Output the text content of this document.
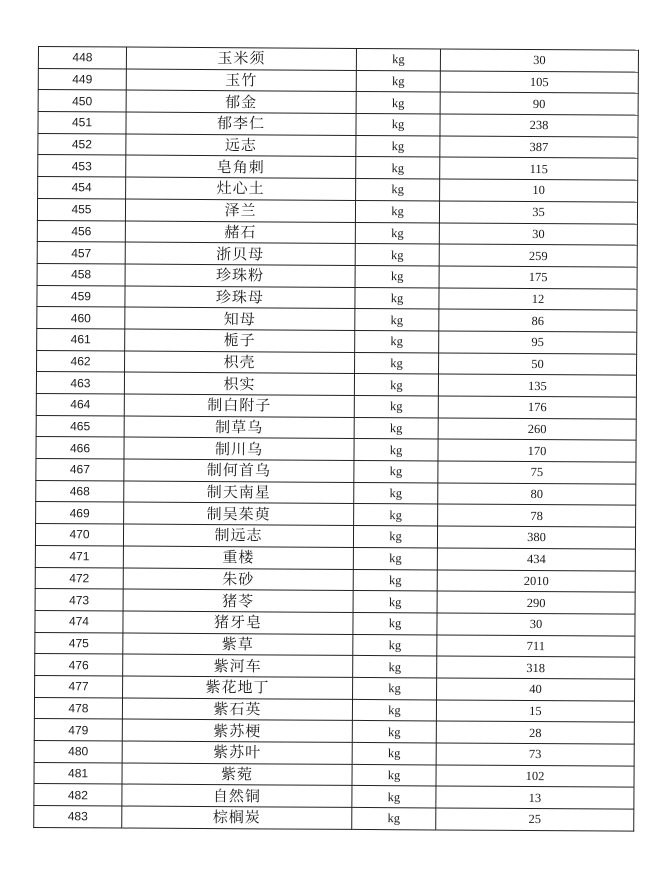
448	玉米须	kg	30
449	玉竹	kg	105
450	郁金	kg	90
451	郁李仁	kg	238
452	远志	kg	387
453	皂角刺	kg	115
454	灶心土	kg	10
455	泽兰	kg	35
456	赭石	kg	30
457	浙贝母	kg	259
458	珍珠粉	kg	175
459	珍珠母	kg	12
460	知母	kg	86
461	栀子	kg	95
462	枳壳	kg	50
463	枳实	kg	135
464	制白附子	kg	176
465	制草乌	kg	260
466	制川乌	kg	170
467	制何首乌	kg	75
468	制天南星	kg	80
469	制吴茱萸	kg	78
470	制远志	kg	380
471	重楼	kg	434
472	朱砂	kg	2010
473	猪苓	kg	290
474	猪牙皂	kg	30
475	紫草	kg	711
476	紫河车	kg	318
477	紫花地丁	kg	40
478	紫石英	kg	15
479	紫苏梗	kg	28
480	紫苏叶	kg	73
481	紫菀	kg	102
482	自然铜	kg	13
483	棕榈炭	kg	25
